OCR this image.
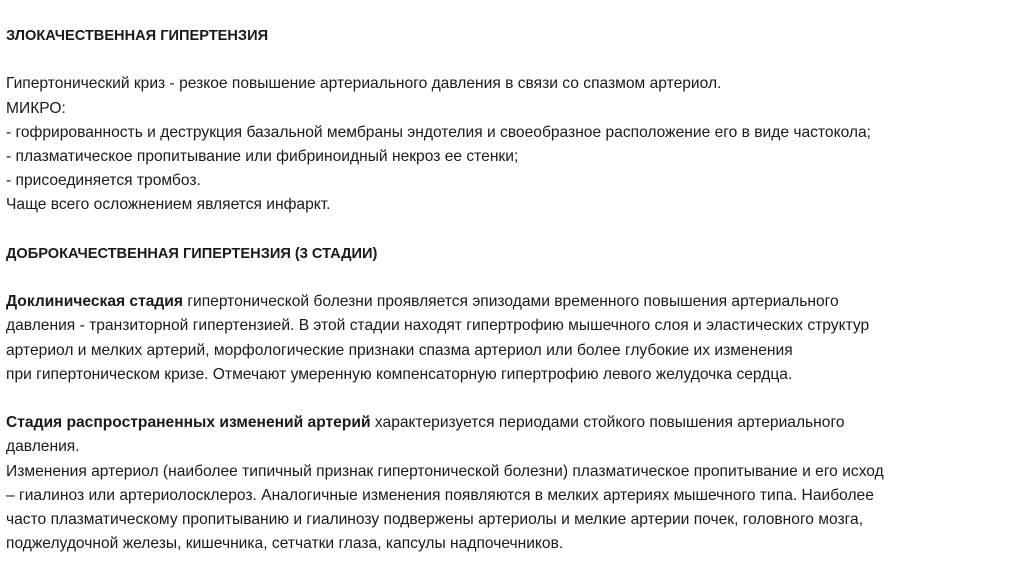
ЗЛОКАЧЕСТВЕННАЯ ГИПЕРТЕНЗИЯ

Гипертонический криз - резкое повышение артериального давления в связи со спазмом артериол.

МИКРО:

- гофрированность и деструкция базальной мембраны эндотелия и своеобразное расположение его в виде частокола;

- плазматическое пропитывание или фибриноидный некроз ее стенки;

- присоединяется тромбоз.

Чаще всего осложнением является инфаркт.

ДОБРОКАЧЕСТВЕННАЯ ГИПЕРТЕНЗИЯ (3 СТАДИИ)

Доклиническая стадия гипертонической болезни проявляется эпизодами временного повышения артериального

давления - транзиторной гипертензией. В этой стадии находят гипертрофию мышечного слоя и эластических структур

артериол и мелких артерий, морфологические признаки спазма артериол или более глубокие их изменения

при гипертоническом кризе. Отмечают умеренную компенсаторную гипертрофию левого желудочка сердца.

Стадия распространенных изменений артерий характеризуется периодами стойкого повышения артериального

давления.

Изменения артериол (наиболее типичный признак гипертонической болезни) плазматическое пропитывание и его исход

– гиалиноз или артериолосклероз. Аналогичные изменения появляются в мелких артериях мышечного типа. Наиболее

часто плазматическому пропитыванию и гиалинозу подвержены артериолы и мелкие артерии почек, головного мозга,

поджелудочной железы, кишечника, сетчатки глаза, капсулы надпочечников.
